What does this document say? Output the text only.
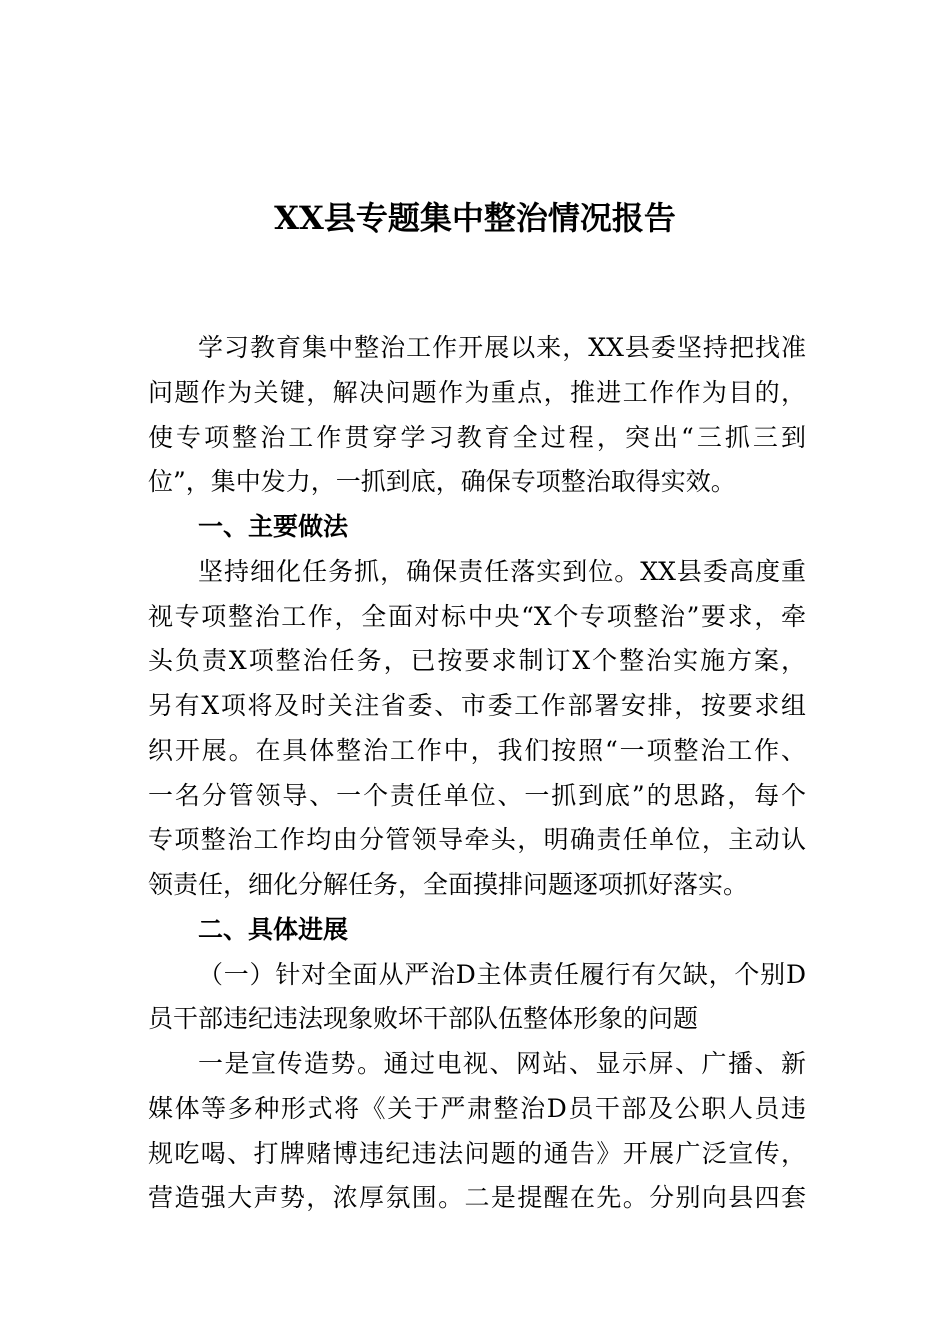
XX县专题集中整治情况报告
学习教育集中整治工作开展以来，XX县委坚持把找准
问题作为关键，解决问题作为重点，推进工作作为目的，
使专项整治工作贯穿学习教育全过程，突出“三抓三到
位”，集中发力，一抓到底，确保专项整治取得实效。
一、主要做法
坚持细化任务抓，确保责任落实到位。XX县委高度重
视专项整治工作，全面对标中央“X个专项整治”要求，牵
头负责X项整治任务，已按要求制订X个整治实施方案，
另有X项将及时关注省委、市委工作部署安排，按要求组
织开展。在具体整治工作中，我们按照“一项整治工作、
一名分管领导、一个责任单位、一抓到底”的思路，每个
专项整治工作均由分管领导牵头，明确责任单位，主动认
领责任，细化分解任务，全面摸排问题逐项抓好落实。
二、具体进展
（一）针对全面从严治D主体责任履行有欠缺，个别D
员干部违纪违法现象败坏干部队伍整体形象的问题
一是宣传造势。通过电视、网站、显示屏、广播、新
媒体等多种形式将《关于严肃整治D员干部及公职人员违
规吃喝、打牌赌博违纪违法问题的通告》开展广泛宣传，
营造强大声势，浓厚氛围。二是提醒在先。分别向县四套
